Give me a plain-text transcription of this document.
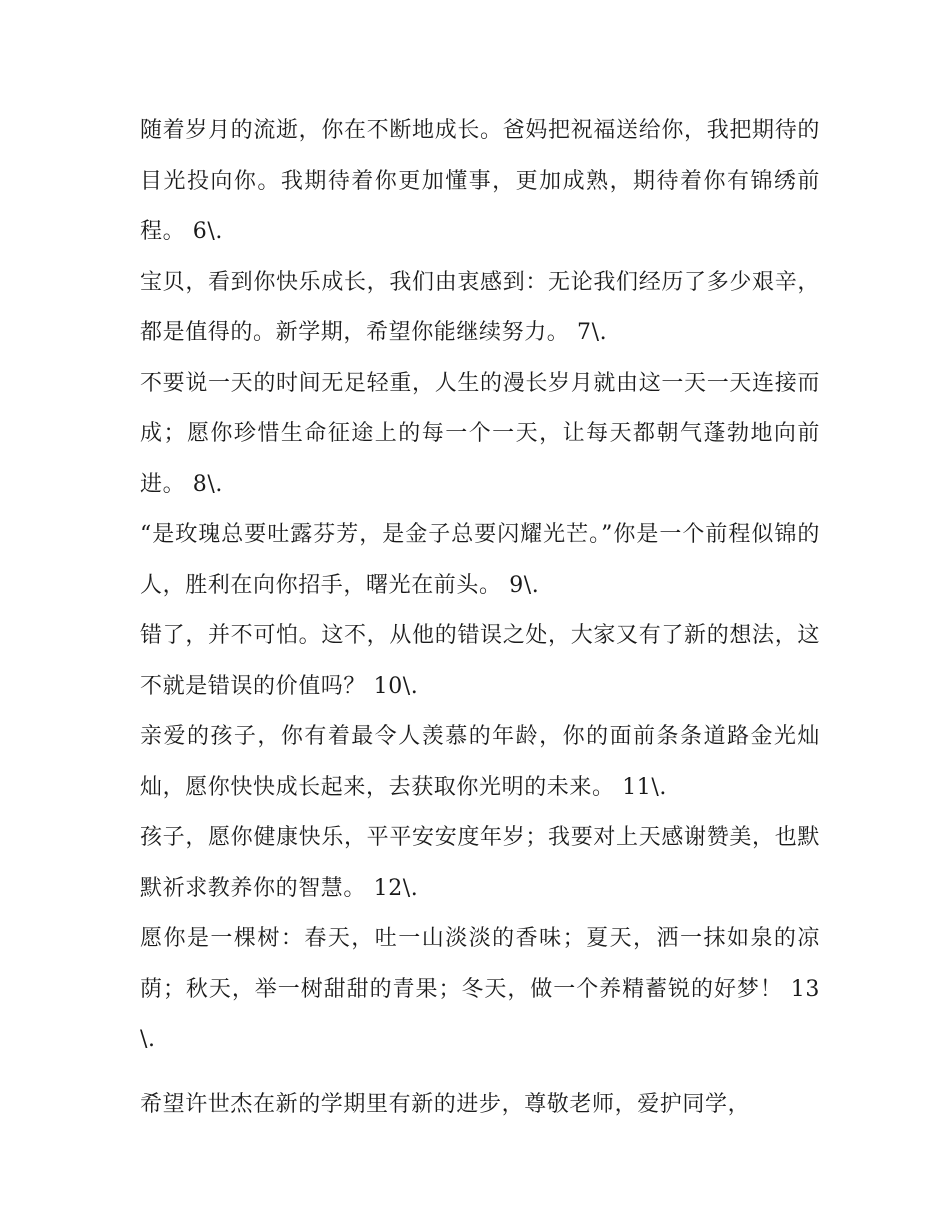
随着岁月的流逝，你在不断地成长。爸妈把祝福送给你，我把期待的目光投向你。我期待着你更加懂事，更加成熟，期待着你有锦绣前程。 6\.

宝贝，看到你快乐成长，我们由衷感到：无论我们经历了多少艰辛，都是值得的。新学期，希望你能继续努力。 7\.

不要说一天的时间无足轻重，人生的漫长岁月就由这一天一天连接而成；愿你珍惜生命征途上的每一个一天，让每天都朝气蓬勃地向前进。 8\.

“是玫瑰总要吐露芬芳，是金子总要闪耀光芒。”你是一个前程似锦的人，胜利在向你招手，曙光在前头。 9\.

错了，并不可怕。这不，从他的错误之处，大家又有了新的想法，这不就是错误的价值吗？ 10\.

亲爱的孩子，你有着最令人羡慕的年龄，你的面前条条道路金光灿灿，愿你快快成长起来，去获取你光明的未来。 11\.

孩子，愿你健康快乐，平平安安度年岁；我要对上天感谢赞美，也默默祈求教养你的智慧。 12\.

愿你是一棵树：春天，吐一山淡淡的香味；夏天，洒一抹如泉的凉荫；秋天，举一树甜甜的青果；冬天，做一个养精蓄锐的好梦！ 13\.

希望许世杰在新的学期里有新的进步，尊敬老师，爱护同学，
